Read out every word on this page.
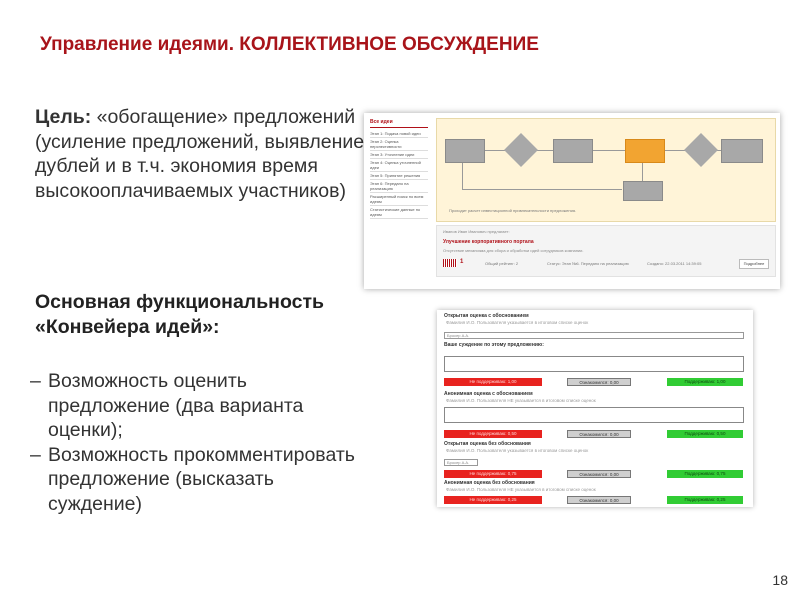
Управление идеями. КОЛЛЕКТИВНОЕ ОБСУЖДЕНИЕ
Цель: «обогащение» предложений (усиление предложений, выявление дублей и в т.ч. экономия время высокооплачиваемых участников)
Основная функциональность «Конвейера идей»:
– Возможность оценить предложение (два варианта оценки);
– Возможность прокомментировать предложение (высказать суждение)
Все идеи
Этап 1: Подача новой идеи
Этап 2: Оценка перспективности
Этап 3: Уточнение идеи
Этап 4: Оценка уточненной идеи
Этап 5: Принятие решения
Этап 6: Передано на реализацию
Расширенный поиск по всем идеям
Статистические данные по идеям
Проходит расчет инвестиционной привлекательности предложения.
Иванов Иван Иванович предлагает:
Улучшение корпоративного портала
Отсутствие механизма для сбора и обработки идей сотрудников компании.
1	Общий рейтинг: 2	Статус: Этап №6. Передано на реализацию	Создано: 22.03.2011 14:39:05	Подробнее
Открытая оценка с обоснованием
Фамилия И.О. Пользователя указывается в итоговом списке оценок
Бросер А.А.
Ваше суждение по этому предложению:
Не поддерживаю: 1,00	Ознакомился: 0,00	Поддерживаю: 1,00
Анонимная оценка с обоснованием
Фамилия И.О. Пользователя НЕ указывается в итоговом списке оценок
Не поддерживаю: 0,50	Ознакомился: 0,00	Поддерживаю: 0,50
Открытая оценка без обоснования
Фамилия И.О. Пользователя указывается в итоговом списке оценок
Бросер А.А.
Не поддерживаю: 0,75	Ознакомился: 0,00	Поддерживаю: 0,75
Анонимная оценка без обоснования
Фамилия И.О. Пользователя НЕ указывается в итоговом списке оценок
Не поддерживаю: 0,25	Ознакомился: 0,00	Поддерживаю: 0,25
18
